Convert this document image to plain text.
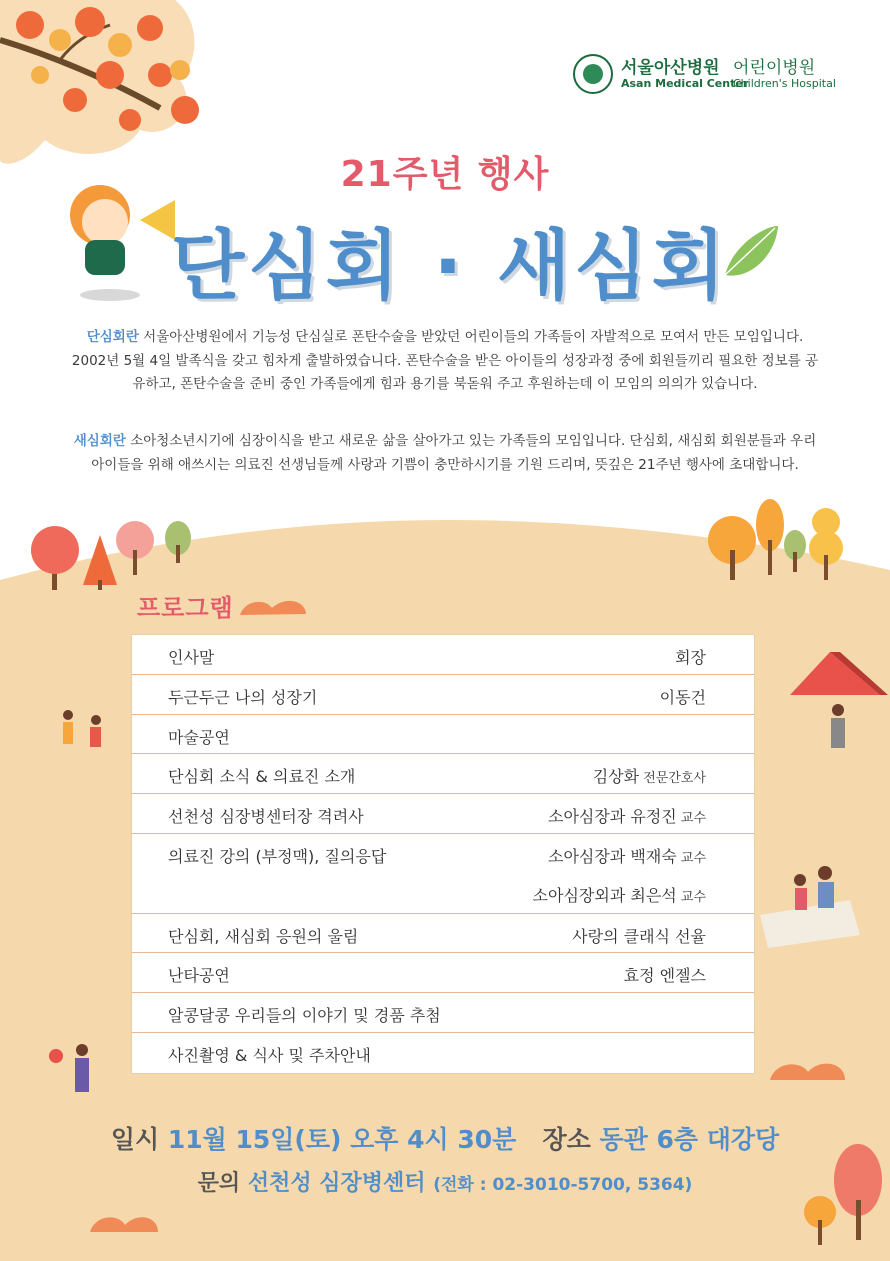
서울아산병원
Asan Medical Center
어린이병원
Children's Hospital
21주년 행사
단심회 · 새심회
단심회란 서울아산병원에서 기능성 단심실로 폰탄수술을 받았던 어린이들의 가족들이 자발적으로 모여서 만든 모임입니다. 2002년 5월 4일 발족식을 갖고 힘차게 출발하였습니다. 폰탄수술을 받은 아이들의 성장과정 중에 회원들끼리 필요한 정보를 공유하고, 폰탄수술을 준비 중인 가족들에게 힘과 용기를 북돋워 주고 후원하는데 이 모임의 의의가 있습니다.
새심회란 소아청소년시기에 심장이식을 받고 새로운 삶을 살아가고 있는 가족들의 모임입니다. 단심회, 새심회 회원분들과 우리아이들을 위해 애쓰시는 의료진 선생님들께 사랑과 기쁨이 충만하시기를 기원 드리며, 뜻깊은 21주년 행사에 초대합니다.
프로그램
인사말	회장
두근두근 나의 성장기	이동건
마술공연
단심회 소식 & 의료진 소개	김상화 전문간호사
선천성 심장병센터장 격려사	소아심장과 유정진 교수
의료진 강의 (부정맥), 질의응답	소아심장과 백재숙 교수
소아심장외과 최은석 교수
단심회, 새심회 응원의 울림	사랑의 클래식 선율
난타공연	효정 엔젤스
알콩달콩 우리들의 이야기 및 경품 추첨
사진촬영 & 식사 및 주차안내
일시 11월 15일(토) 오후 4시 30분 장소 동관 6층 대강당
문의 선천성 심장병센터 (전화 : 02-3010-5700, 5364)
